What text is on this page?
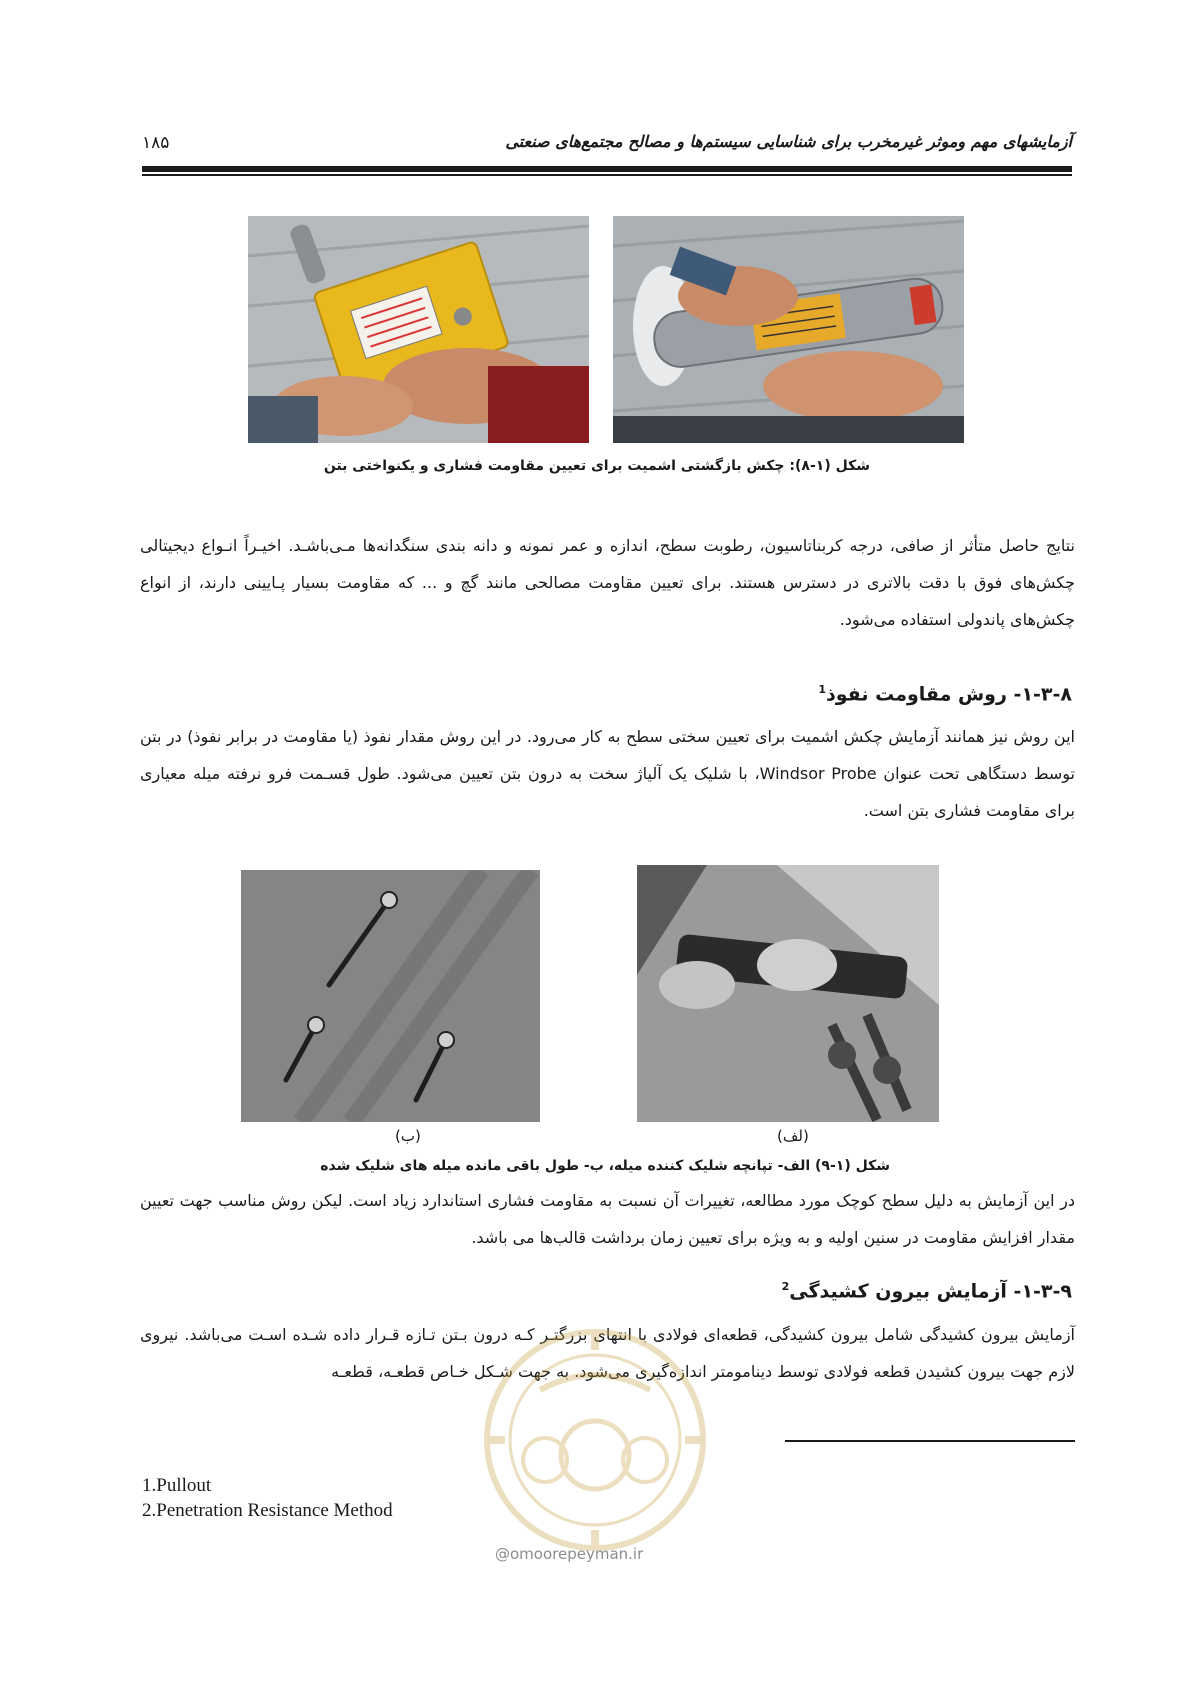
۱۸۵	آزمایشهای مهم وموثر غیرمخرب برای شناسایی سیستم‌ها و مصالح مجتمع‌های صنعتی
شکل (۱-۸): چکش بازگشتی اشمیت برای تعیین مقاومت فشاری و یکنواختی بتن
نتایج حاصل متأثر از صافی، درجه کربناتاسیون، رطوبت سطح، اندازه و عمر نمونه و دانه بندی سنگدانه‌ها مـی‌باشـد. اخیـراً انـواع دیجیتالی چکش‌های فوق با دقت بالاتری در دسترس هستند. برای تعیین مقاومت مصالحی مانند گچ و ... که مقاومت بسیار پـایینی دارند، از انواع چکش‌های پاندولی استفاده می‌شود.
۱-۳-۸- روش مقاومت نفوذ$^1$
این روش نیز همانند آزمایش چکش اشمیت برای تعیین سختی سطح به کار می‌رود. در این روش مقدار نفوذ (یا مقاومت در برابر نفوذ) در بتن توسط دستگاهی تحت عنوان Windsor Probe، با شلیک یک آلیاژ سخت به درون بتن تعیین می‌شود. طول قسـمت فرو نرفته میله معیاری برای مقاومت فشاری بتن است.
(ب)	(لف)
شکل (۱-۹) الف- تپانچه شلیک کننده میله، ب- طول باقی مانده میله های شلیک شده
در این آزمایش به دلیل سطح کوچک مورد مطالعه، تغییرات آن نسبت به مقاومت فشاری استاندارد زیاد است. لیکن روش مناسب جهت تعیین مقدار افزایش مقاومت در سنین اولیه و به ویژه برای تعیین زمان برداشت قالب‌ها می باشد.
۱-۳-۹- آزمایش بیرون کشیدگی$^2$
آزمایش بیرون کشیدگی شامل بیرون کشیدگی، قطعه‌ای فولادی با انتهای بزرگتـر کـه درون بـتن تـازه قـرار داده شـده اسـت می‌باشد. نیروی لازم جهت بیرون کشیدن قطعه فولادی توسط دینامومتر اندازه‌گیری می‌شود. به جهت شـکل خـاص قطعـه، قطعـه
@omoorepeyman.ir
1.Pullout
2.Penetration Resistance Method
